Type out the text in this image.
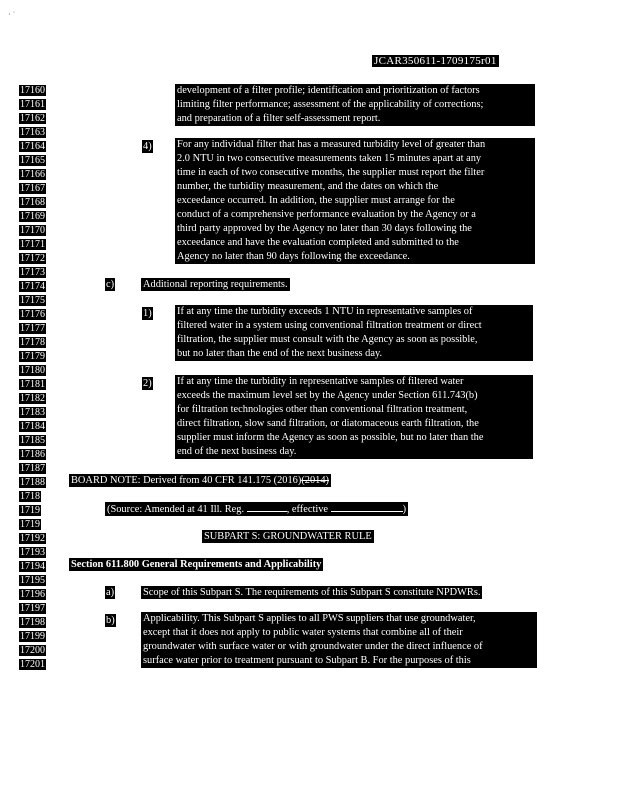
· ˙
JCAR350611-1709175r01
17160
17161
17162
17163
17164
17165
17166
17167
17168
17169
17170
17171
17172
17173
17174
17175
17176
17177
17178
17179
17180
17181
17182
17183
17184
17185
17186
17187
17188
1718
1719
1719
17192
17193
17194
17195
17196
17197
17198
17199
17200
17201

development of a filter profile; identification and prioritization of factors

limiting filter performance; assessment of the applicability of corrections;

and preparation of a filter self-assessment report.

4) For any individual filter that has a measured turbidity level of greater than

2.0 NTU in two consecutive measurements taken 15 minutes apart at any

time in each of two consecutive months, the supplier must report the filter

number, the turbidity measurement, and the dates on which the

exceedance occurred. In addition, the supplier must arrange for the

conduct of a comprehensive performance evaluation by the Agency or a

third party approved by the Agency no later than 30 days following the

exceedance and have the evaluation completed and submitted to the

Agency no later than 90 days following the exceedance.

c)	Additional reporting requirements.
1) If at any time the turbidity exceeds 1 NTU in representative samples of

filtered water in a system using conventional filtration treatment or direct

filtration, the supplier must consult with the Agency as soon as possible,

but no later than the end of the next business day.

2) If at any time the turbidity in representative samples of filtered water

exceeds the maximum level set by the Agency under Section 611.743(b)

for filtration technologies other than conventional filtration treatment,

direct filtration, slow sand filtration, or diatomaceous earth filtration, the

supplier must inform the Agency as soon as possible, but no later than the

end of the next business day.

BOARD NOTE: Derived from 40 CFR 141.175 (2016)(2014)
(Source: Amended at 41 Ill. Reg.	, effective	)
SUBPART S: GROUNDWATER RULE
Section 611.800 General Requirements and Applicability
a)	Scope of this Subpart S. The requirements of this Subpart S constitute NPDWRs.
b)	Applicability. This Subpart S applies to all PWS suppliers that use groundwater,

except that it does not apply to public water systems that combine all of their

groundwater with surface water or with groundwater under the direct influence of

surface water prior to treatment pursuant to Subpart B. For the purposes of this
